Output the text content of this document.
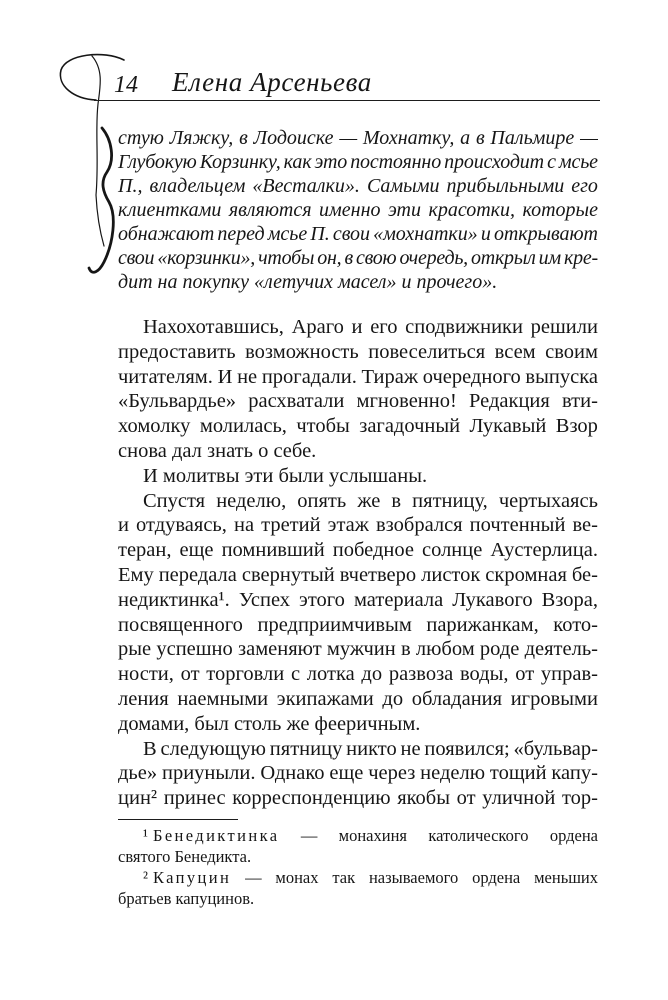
14 Елена Арсеньева
стую Ляжку, в Лодоиске — Мохнатку, а в Пальмире —
Глубокую Корзинку, как это постоянно происходит с мсье
П., владельцем «Весталки». Самыми прибыльными его
клиентками являются именно эти красотки, которые
обнажают перед мсье П. свои «мохнатки» и открывают
свои «корзинки», чтобы он, в свою очередь, открыл им кре-
дит на покупку «летучих масел» и прочего».
Нахохотавшись, Араго и его сподвижники решили
предоставить возможность повеселиться всем своим
читателям. И не прогадали. Тираж очередного выпуска
«Бульвардье» расхватали мгновенно! Редакция вти-
хомолку молилась, чтобы загадочный Лукавый Взор
снова дал знать о себе.
И молитвы эти были услышаны.
Спустя неделю, опять же в пятницу, чертыхаясь
и отдуваясь, на третий этаж взобрался почтенный ве-
теран, еще помнивший победное солнце Аустерлица.
Ему передала свернутый вчетверо листок скромная бе-
недиктинка¹. Успех этого материала Лукавого Взора,
посвященного предприимчивым парижанкам, кото-
рые успешно заменяют мужчин в любом роде деятель-
ности, от торговли с лотка до развоза воды, от управ-
ления наемными экипажами до обладания игровыми
домами, был столь же фееричным.
В следующую пятницу никто не появился; «бульвар-
дье» приуныли. Однако еще через неделю тощий капу-
цин² принес корреспонденцию якобы от уличной тор-
¹ Бенедиктинка — монахиня католического ордена
святого Бенедикта.
² Капуцин — монах так называемого ордена меньших
братьев капуцинов.
